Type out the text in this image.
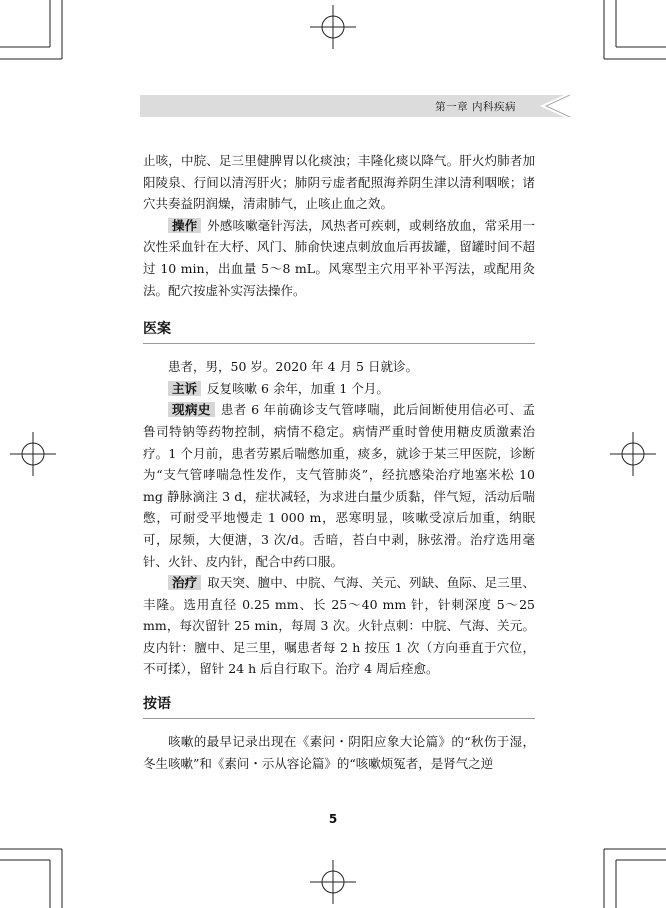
第一章 内科疾病

止咳，中脘、足三里健脾胃以化痰浊；丰隆化痰以降气。肝火灼肺者加阳陵泉、行间以清泻肝火；肺阴亏虚者配照海养阴生津以清利咽喉；诸穴共奏益阴润燥，清肃肺气，止咳止血之效。

操作 外感咳嗽毫针泻法，风热者可疾刺，或刺络放血，常采用一次性采血针在大杼、风门、肺俞快速点刺放血后再拔罐，留罐时间不超过 10 min，出血量 5～8 mL。风寒型主穴用平补平泻法，或配用灸法。配穴按虚补实泻法操作。

医案

患者，男，50 岁。2020 年 4 月 5 日就诊。

主诉 反复咳嗽 6 余年，加重 1 个月。

现病史 患者 6 年前确诊支气管哮喘，此后间断使用信必可、孟鲁司特钠等药物控制，病情不稳定。病情严重时曾使用糖皮质激素治疗。1 个月前，患者劳累后喘憋加重，痰多，就诊于某三甲医院，诊断为“支气管哮喘急性发作，支气管肺炎”，经抗感染治疗地塞米松 10 mg 静脉滴注 3 d，症状减轻，为求进白量少质黏，伴气短，活动后喘憋，可耐受平地慢走 1 000 m，恶寒明显，咳嗽受凉后加重，纳眠可，尿频，大便溏，3 次/d。舌暗，苔白中剥，脉弦滑。治疗选用毫针、火针、皮内针，配合中药口服。

治疗 取天突、膻中、中脘、气海、关元、列缺、鱼际、足三里、丰隆。选用直径 0.25 mm、长 25～40 mm 针，针刺深度 5～25 mm，每次留针 25 min，每周 3 次。火针点刺：中脘、气海、关元。皮内针：膻中、足三里，嘱患者每 2 h 按压 1 次（方向垂直于穴位，不可揉），留针 24 h 后自行取下。治疗 4 周后痊愈。

按语

咳嗽的最早记录出现在《素问・阴阳应象大论篇》的“秋伤于湿，冬生咳嗽”和《素问・示从容论篇》的“咳嗽烦冤者，是肾气之逆

5
